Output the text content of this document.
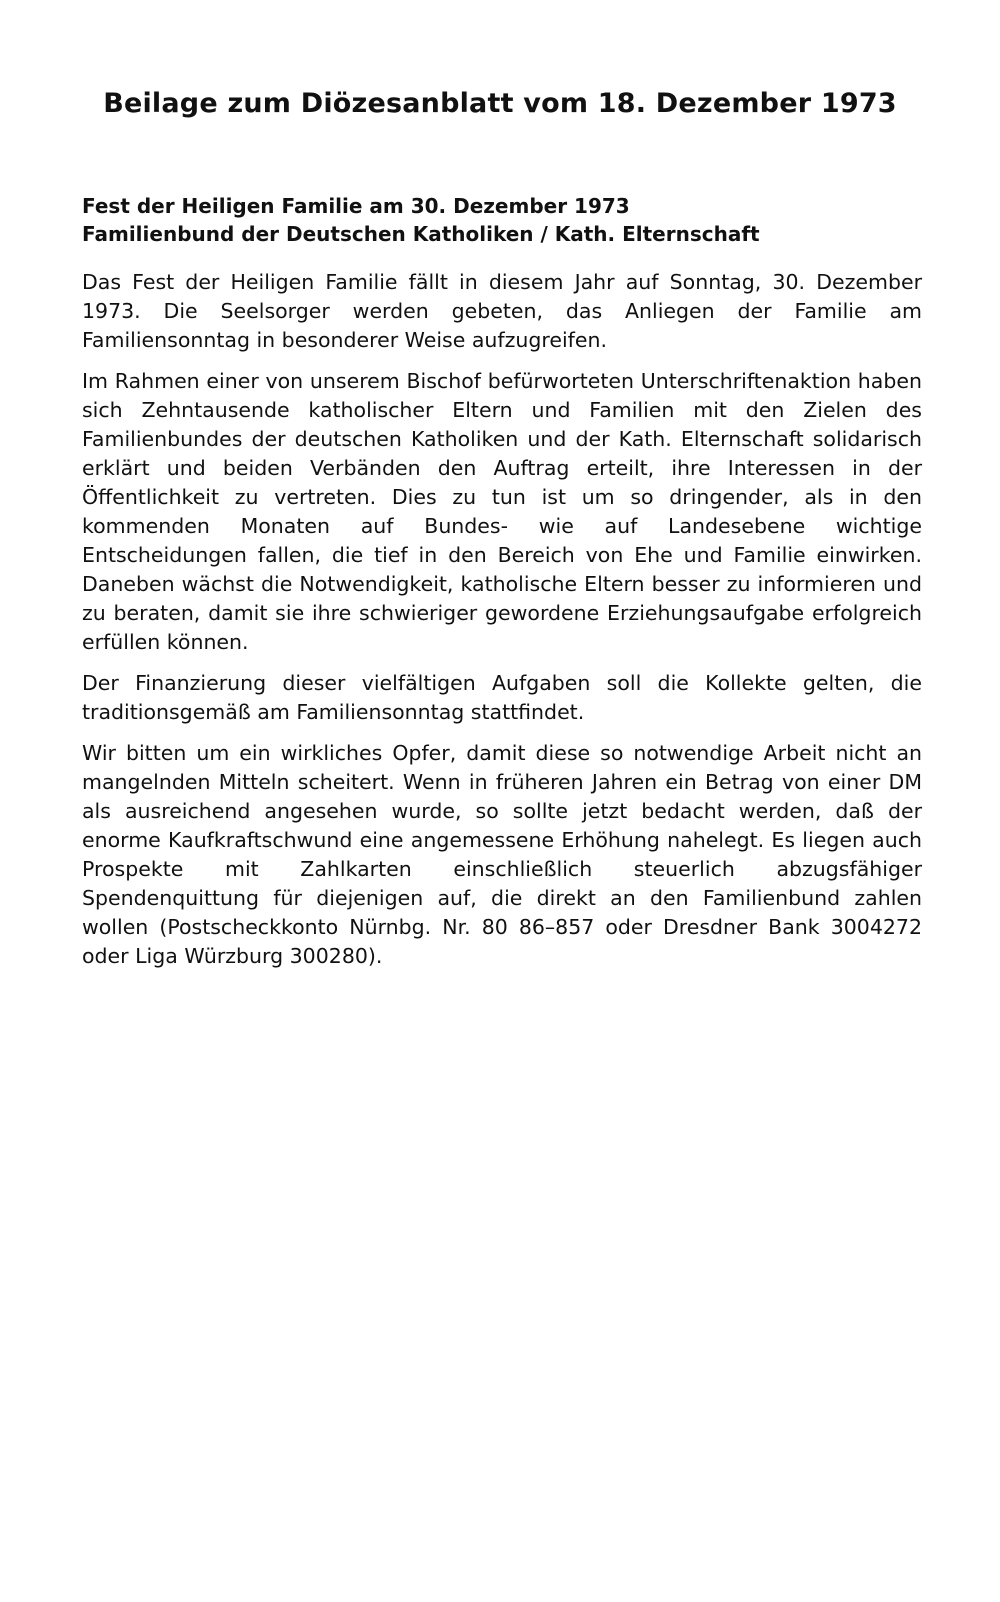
Beilage zum Diözesanblatt vom 18. Dezember 1973
Fest der Heiligen Familie am 30. Dezember 1973
Familienbund der Deutschen Katholiken / Kath. Elternschaft

Das Fest der Heiligen Familie fällt in diesem Jahr auf Sonntag, 30. Dezember 1973. Die Seelsorger werden gebeten, das Anliegen der Familie am Familiensonntag in besonderer Weise aufzugreifen.

Im Rahmen einer von unserem Bischof befürworteten Unterschriftenaktion haben sich Zehntausende katholischer Eltern und Familien mit den Zielen des Familienbundes der deutschen Katholiken und der Kath. Elternschaft solidarisch erklärt und beiden Verbänden den Auftrag erteilt, ihre Interessen in der Öffentlichkeit zu vertreten. Dies zu tun ist um so dringender, als in den kommenden Monaten auf Bundes- wie auf Landesebene wichtige Entscheidungen fallen, die tief in den Bereich von Ehe und Familie einwirken. Daneben wächst die Notwendigkeit, katholische Eltern besser zu informieren und zu beraten, damit sie ihre schwieriger gewordene Erziehungsaufgabe erfolgreich erfüllen können.

Der Finanzierung dieser vielfältigen Aufgaben soll die Kollekte gelten, die traditionsgemäß am Familiensonntag stattfindet.

Wir bitten um ein wirkliches Opfer, damit diese so notwendige Arbeit nicht an mangelnden Mitteln scheitert. Wenn in früheren Jahren ein Betrag von einer DM als ausreichend angesehen wurde, so sollte jetzt bedacht werden, daß der enorme Kaufkraftschwund eine angemessene Erhöhung nahelegt. Es liegen auch Prospekte mit Zahlkarten einschließlich steuerlich abzugsfähiger Spendenquittung für diejenigen auf, die direkt an den Familienbund zahlen wollen (Postscheckkonto Nürnbg. Nr. 80 86–857 oder Dresdner Bank 3004272 oder Liga Würzburg 300280).
